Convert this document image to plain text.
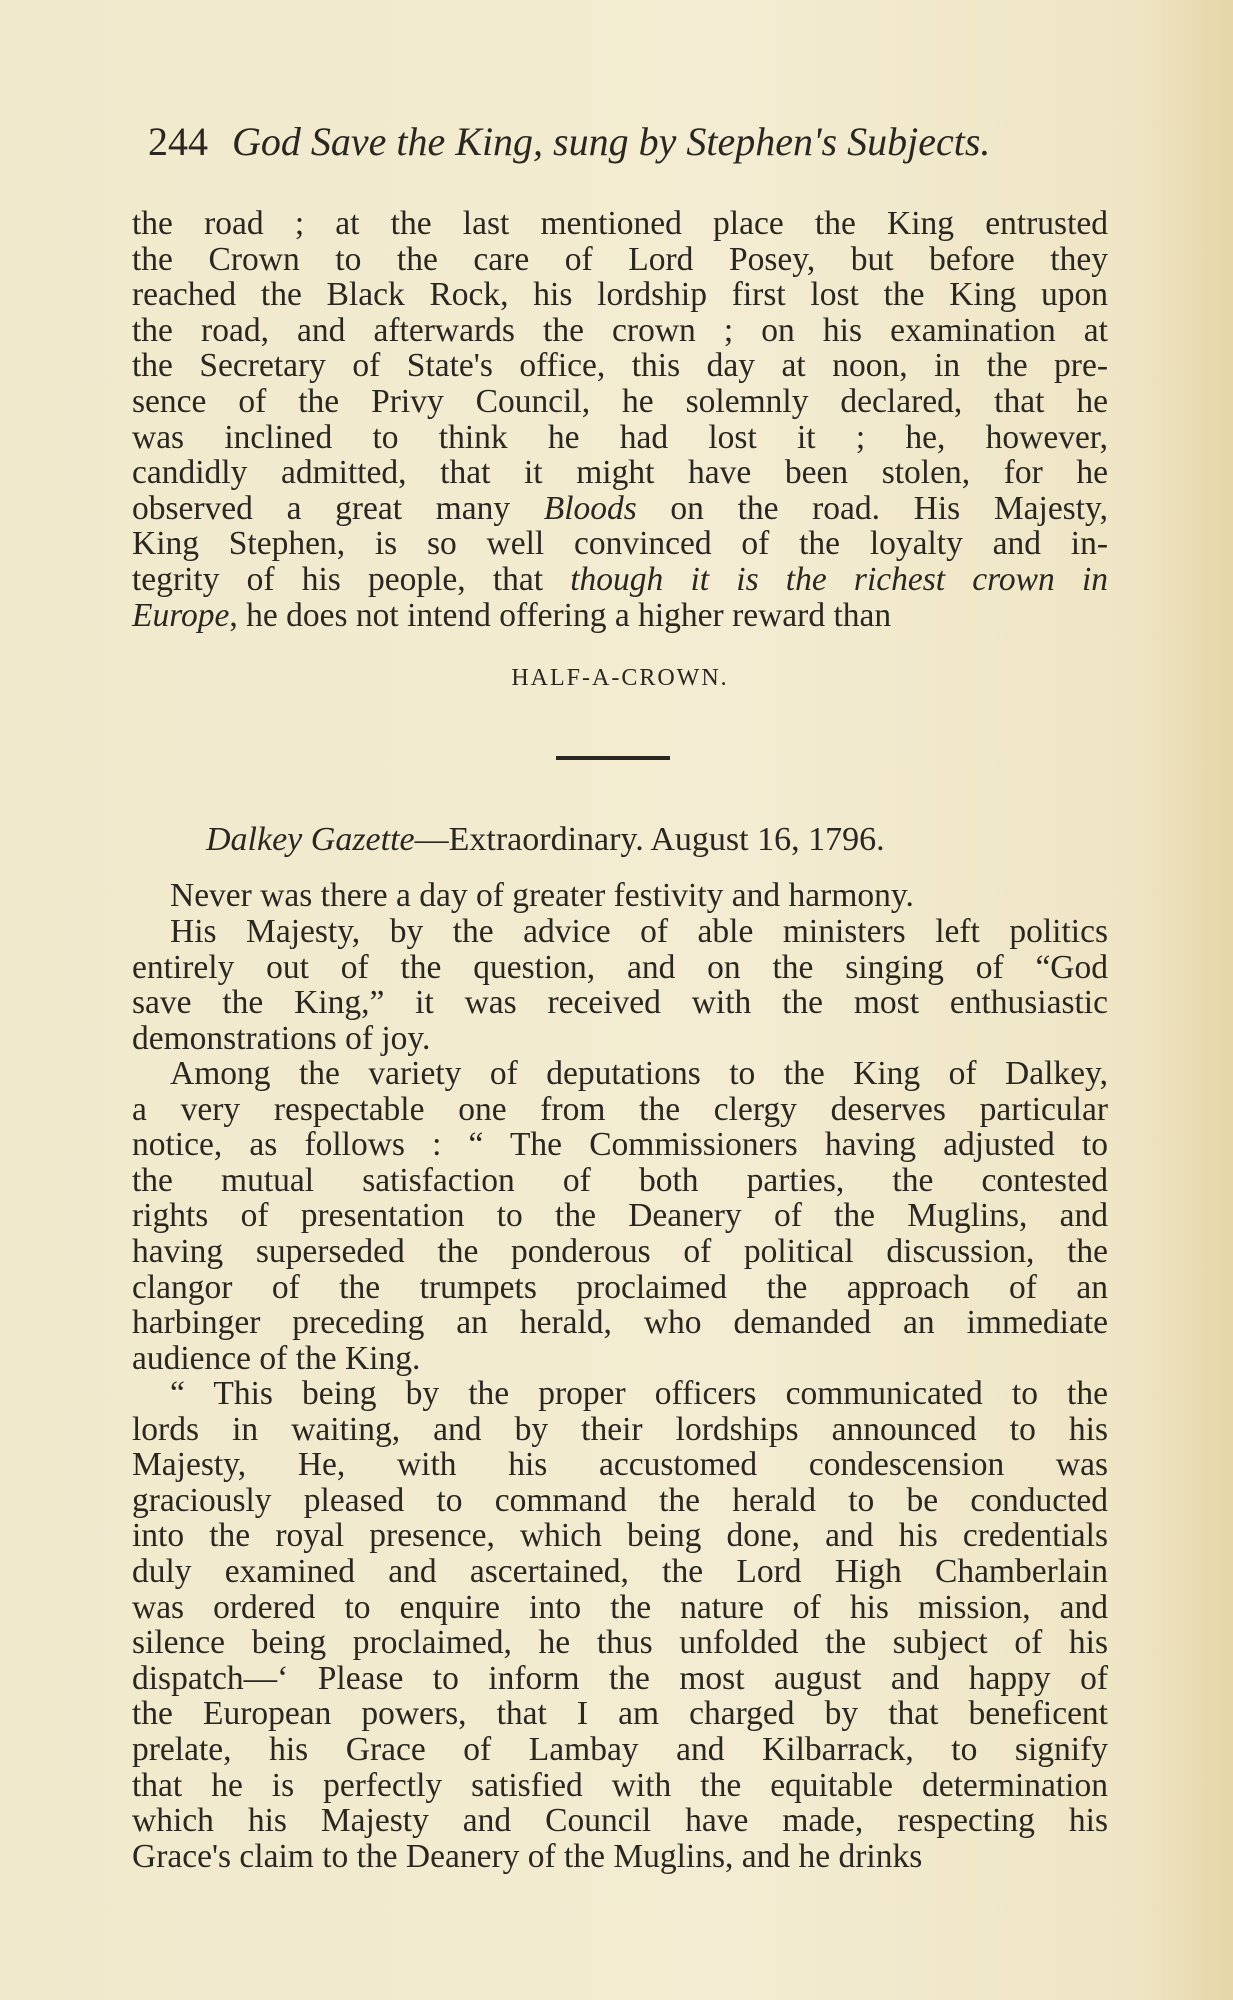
244 God Save the King, sung by Stephen's Subjects.
the road ; at the last mentioned place the King entrusted
the Crown to the care of Lord Posey, but before they
reached the Black Rock, his lordship first lost the King upon
the road, and afterwards the crown ; on his examination at
the Secretary of State's office, this day at noon, in the pre-
sence of the Privy Council, he solemnly declared, that he
was inclined to think he had lost it ; he, however,
candidly admitted, that it might have been stolen, for he
observed a great many Bloods on the road. His Majesty,
King Stephen, is so well convinced of the loyalty and in-
tegrity of his people, that though it is the richest crown in
Europe, he does not intend offering a higher reward than
HALF-A-CROWN.
Dalkey Gazette—Extraordinary. August 16, 1796.
Never was there a day of greater festivity and harmony.
His Majesty, by the advice of able ministers left politics
entirely out of the question, and on the singing of “God
save the King,” it was received with the most enthusiastic
demonstrations of joy.
Among the variety of deputations to the King of Dalkey,
a very respectable one from the clergy deserves particular
notice, as follows : “ The Commissioners having adjusted to
the mutual satisfaction of both parties, the contested
rights of presentation to the Deanery of the Muglins, and
having superseded the ponderous of political discussion, the
clangor of the trumpets proclaimed the approach of an
harbinger preceding an herald, who demanded an immediate
audience of the King.
“ This being by the proper officers communicated to the
lords in waiting, and by their lordships announced to his
Majesty, He, with his accustomed condescension was
graciously pleased to command the herald to be conducted
into the royal presence, which being done, and his credentials
duly examined and ascertained, the Lord High Chamberlain
was ordered to enquire into the nature of his mission, and
silence being proclaimed, he thus unfolded the subject of his
dispatch—‘ Please to inform the most august and happy of
the European powers, that I am charged by that beneficent
prelate, his Grace of Lambay and Kilbarrack, to signify
that he is perfectly satisfied with the equitable determination
which his Majesty and Council have made, respecting his
Grace's claim to the Deanery of the Muglins, and he drinks
